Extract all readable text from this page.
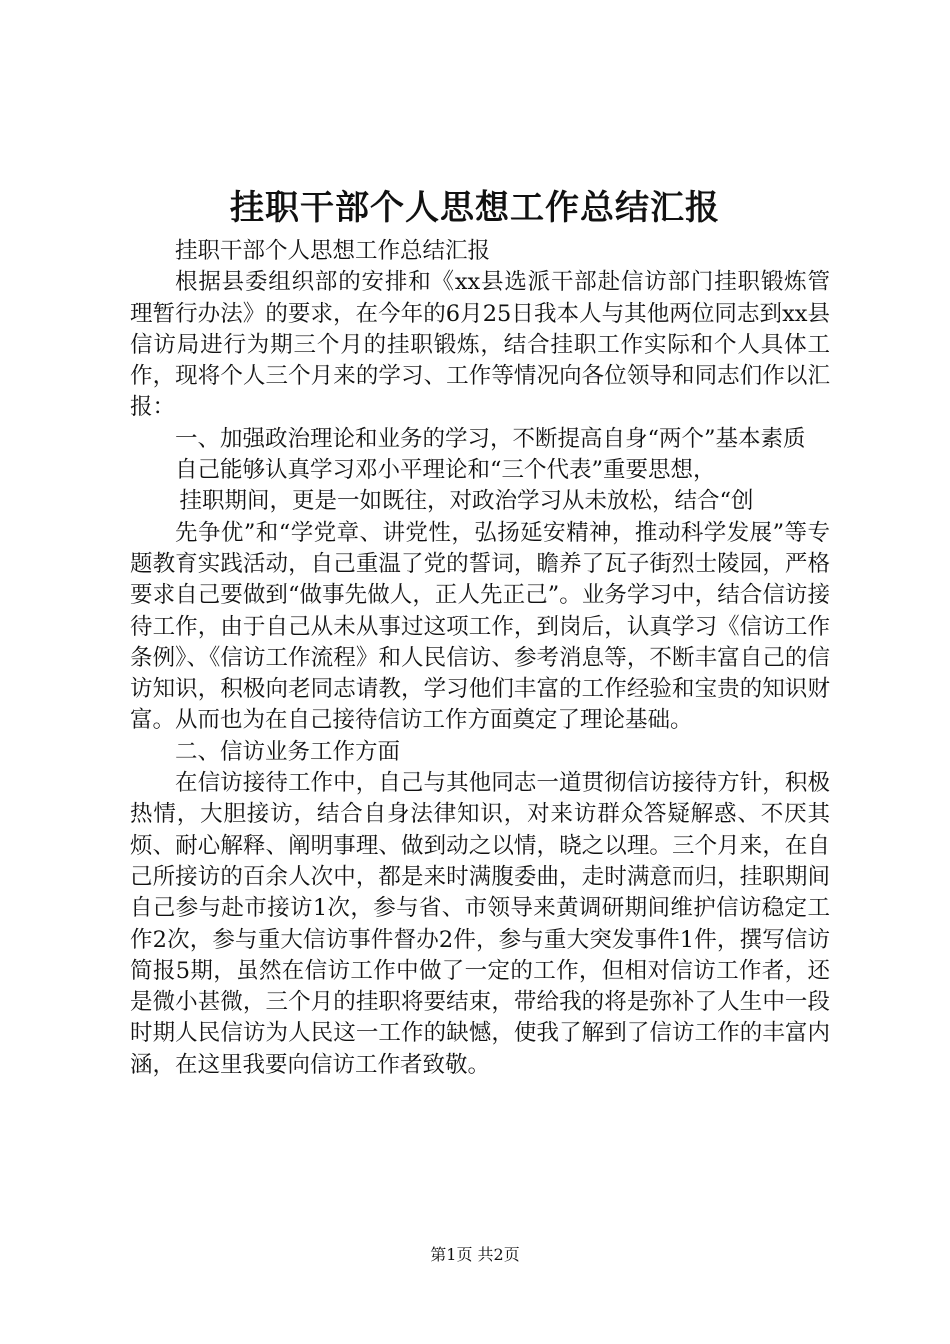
挂职干部个人思想工作总结汇报

挂职干部个人思想工作总结汇报

根据县委组织部的安排和《xx县选派干部赴信访部门挂职锻炼管理暂行办法》的要求，在今年的6月25日我本人与其他两位同志到xx县信访局进行为期三个月的挂职锻炼，结合挂职工作实际和个人具体工作，现将个人三个月来的学习、工作等情况向各位领导和同志们作以汇报：

一、加强政治理论和业务的学习，不断提高自身“两个”基本素质

自己能够认真学习邓小平理论和“三个代表”重要思想，

挂职期间，更是一如既往，对政治学习从未放松，结合“创

先争优”和“学党章、讲党性，弘扬延安精神，推动科学发展”等专题教育实践活动，自己重温了党的誓词，瞻养了瓦子街烈士陵园，严格要求自己要做到“做事先做人，正人先正己”。业务学习中，结合信访接待工作，由于自己从未从事过这项工作，到岗后，认真学习《信访工作条例》、《信访工作流程》和人民信访、参考消息等，不断丰富自己的信访知识，积极向老同志请教，学习他们丰富的工作经验和宝贵的知识财富。从而也为在自己接待信访工作方面奠定了理论基础。

二、信访业务工作方面

在信访接待工作中，自己与其他同志一道贯彻信访接待方针，积极热情，大胆接访，结合自身法律知识，对来访群众答疑解惑、不厌其烦、耐心解释、阐明事理、做到动之以情，晓之以理。三个月来，在自己所接访的百余人次中，都是来时满腹委曲，走时满意而归，挂职期间自己参与赴市接访1次，参与省、市领导来黄调研期间维护信访稳定工作2次，参与重大信访事件督办2件，参与重大突发事件1件，撰写信访简报5期，虽然在信访工作中做了一定的工作，但相对信访工作者，还是微小甚微，三个月的挂职将要结束，带给我的将是弥补了人生中一段时期人民信访为人民这一工作的缺憾，使我了解到了信访工作的丰富内涵，在这里我要向信访工作者致敬。

第1页 共2页
